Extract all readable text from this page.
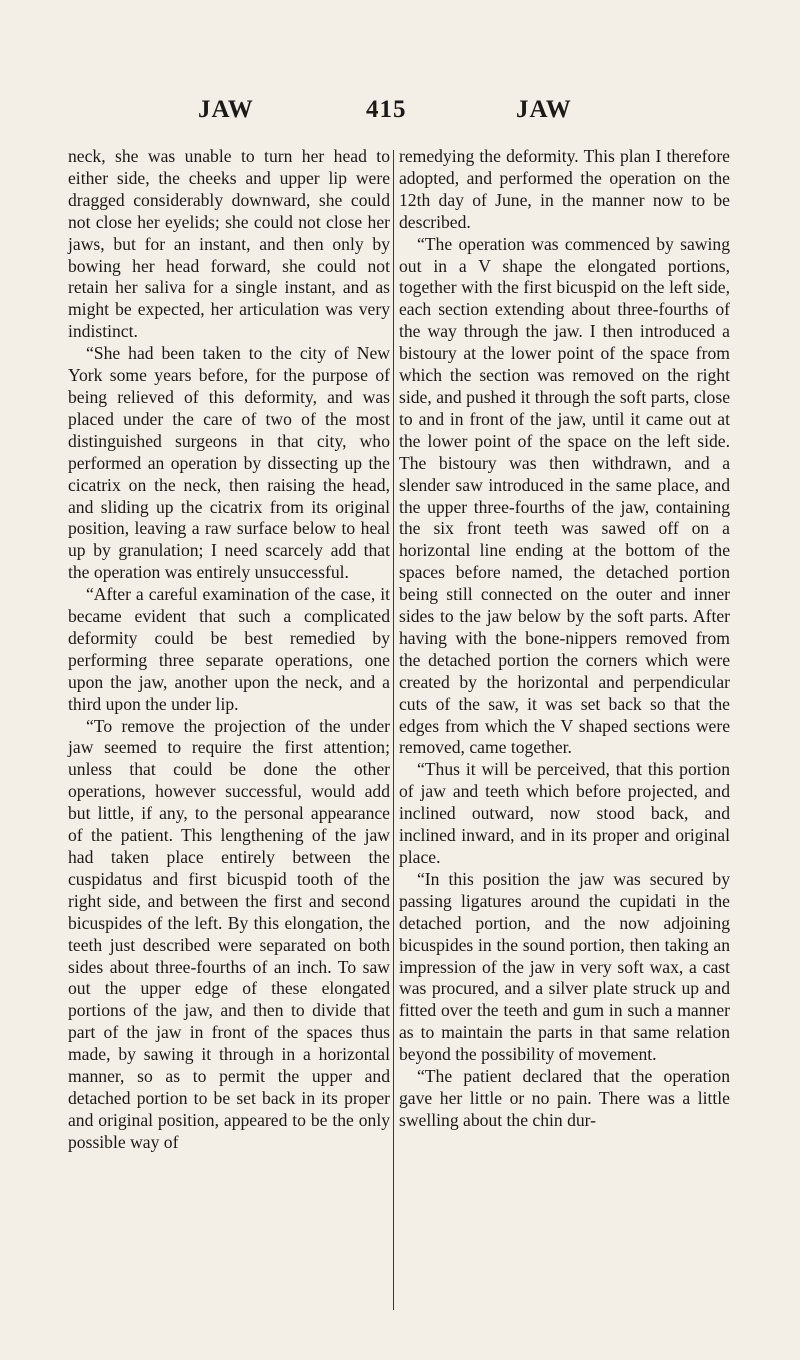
JAW	415	JAW

neck, she was unable to turn her head to either side, the cheeks and upper lip were dragged considerably downward, she could not close her eyelids; she could not close her jaws, but for an instant, and then only by bowing her head forward, she could not retain her saliva for a single instant, and as might be expected, her articulation was very indistinct.

“She had been taken to the city of New York some years before, for the purpose of being relieved of this deformity, and was placed under the care of two of the most distinguished surgeons in that city, who performed an operation by dissecting up the cicatrix on the neck, then raising the head, and sliding up the cicatrix from its original position, leaving a raw surface below to heal up by granulation; I need scarcely add that the operation was entirely unsuccessful.

“After a careful examination of the case, it became evident that such a complicated deformity could be best remedied by performing three separate operations, one upon the jaw, another upon the neck, and a third upon the under lip.

“To remove the projection of the under jaw seemed to require the first attention; unless that could be done the other operations, however successful, would add but little, if any, to the personal appearance of the patient. This lengthening of the jaw had taken place entirely between the cuspidatus and first bicuspid tooth of the right side, and between the first and second bicuspides of the left. By this elongation, the teeth just described were separated on both sides about three-fourths of an inch. To saw out the upper edge of these elongated portions of the jaw, and then to divide that part of the jaw in front of the spaces thus made, by sawing it through in a horizontal manner, so as to permit the upper and detached portion to be set back in its proper and original position, appeared to be the only possible way of

remedying the deformity. This plan I therefore adopted, and performed the operation on the 12th day of June, in the manner now to be described.

“The operation was commenced by sawing out in a V shape the elongated portions, together with the first bicuspid on the left side, each section extending about three-fourths of the way through the jaw. I then introduced a bistoury at the lower point of the space from which the section was removed on the right side, and pushed it through the soft parts, close to and in front of the jaw, until it came out at the lower point of the space on the left side. The bistoury was then withdrawn, and a slender saw introduced in the same place, and the upper three-fourths of the jaw, containing the six front teeth was sawed off on a horizontal line ending at the bottom of the spaces before named, the detached portion being still connected on the outer and inner sides to the jaw below by the soft parts. After having with the bone-nippers removed from the detached portion the corners which were created by the horizontal and perpendicular cuts of the saw, it was set back so that the edges from which the V shaped sections were removed, came together.

“Thus it will be perceived, that this portion of jaw and teeth which before projected, and inclined outward, now stood back, and inclined inward, and in its proper and original place.

“In this position the jaw was secured by passing ligatures around the cupidati in the detached portion, and the now adjoining bicuspides in the sound portion, then taking an impression of the jaw in very soft wax, a cast was procured, and a silver plate struck up and fitted over the teeth and gum in such a manner as to maintain the parts in that same relation beyond the possibility of movement.

“The patient declared that the operation gave her little or no pain. There was a little swelling about the chin dur-
